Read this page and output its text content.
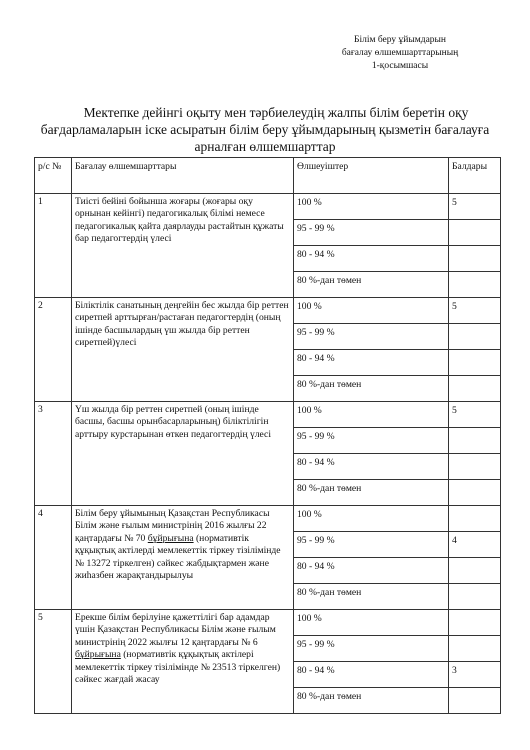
Білім беру ұйымдарын
бағалау өлшемшарттарының
1-қосымшасы
Мектепке дейінгі оқыту мен тәрбиелеудің жалпы білім беретін оқу бағдарламаларын іске асыратын білім беру ұйымдарының қызметін бағалауға арналған өлшемшарттар
р/с №	Бағалау өлшемшарттары	Өлшеуіштер	Балдары
1	Тиісті бейіні бойынша жоғары (жоғары оқу орнынан кейінгі) педагогикалық білімі немесе педагогикалық қайта даярлауды растайтын құжаты бар педагогтердің үлесі	100 %	5
		95 - 99 %	
		80 - 94 %	
		80 %-дан төмен	
2	Біліктілік санатының деңгейін бес жылда бір реттен сиретпей арттырған/растаған педагогтердің (оның ішінде басшылардың үш жылда бір реттен сиретпей)үлесі	100 %	5
		95 - 99 %	
		80 - 94 %	
		80 %-дан төмен	
3	Үш жылда бір реттен сиретпей (оның ішінде басшы, басшы орынбасарларының) біліктілігін арттыру курстарынан өткен педагогтердің үлесі	100 %	5
		95 - 99 %	
		80 - 94 %	
		80 %-дан төмен	
4	Білім беру ұйымының Қазақстан Республикасы Білім және ғылым министрінің 2016 жылғы 22 қаңтардағы № 70 бұйрығына (нормативтік құқықтық актілерді мемлекеттік тіркеу тізілімінде № 13272 тіркелген) сәйкес жабдықтармен және жиһазбен жарақтандырылуы	100 %	
		95 - 99 %	4
		80 - 94 %	
		80 %-дан төмен	
5	Ерекше білім берілуіне қажеттілігі бар адамдар үшін Қазақстан Республикасы Білім және ғылым министрінің 2022 жылғы 12 қаңтардағы № 6 бұйрығына (нормативтік құқықтық актілері мемлекеттік тіркеу тізілімінде № 23513 тіркелген) сәйкес жағдай жасау	100 %	
		95 - 99 %	
		80 - 94 %	3
		80 %-дан төмен	
